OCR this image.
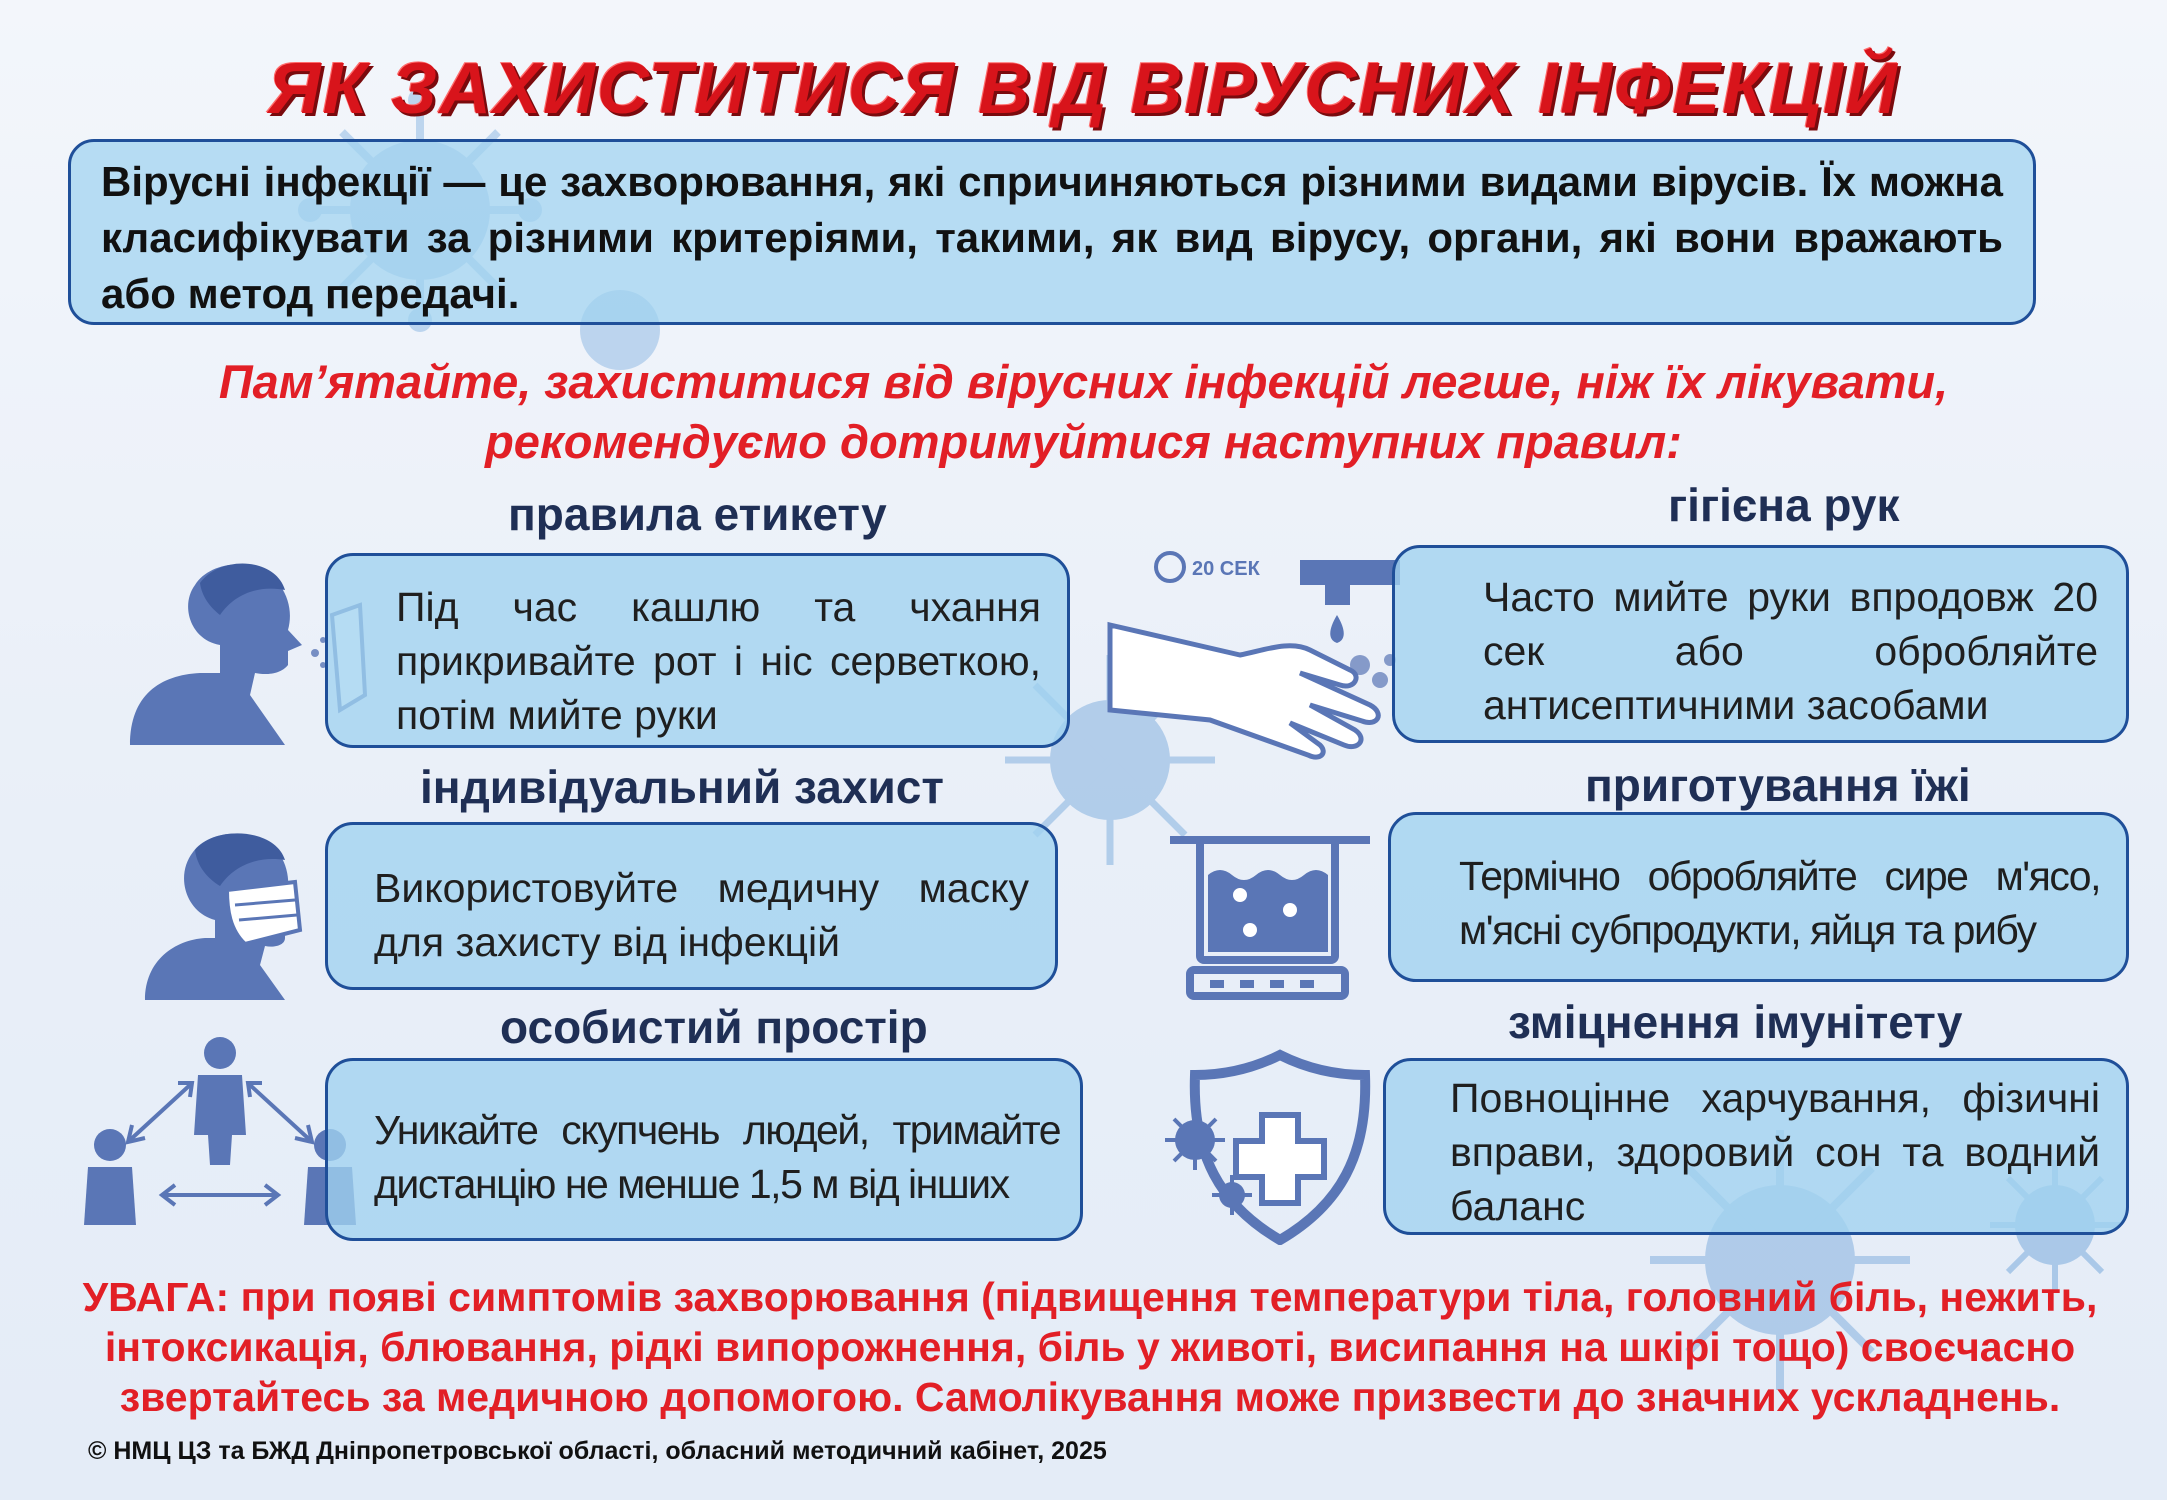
ЯК ЗАХИСТИТИСЯ ВІД ВІРУСНИХ ІНФЕКЦІЙ
Вірусні інфекції — це захворювання, які спричиняються різними видами вірусів. Їх можна класифікувати за різними критеріями, такими, як вид вірусу, органи, які вони вражають або метод передачі.
Пам’ятайте, захиститися від вірусних інфекцій легше, ніж їх лікувати,
рекомендуємо дотримуйтися наступних правил:
правила етикету
Під час кашлю та чхання прикривайте рот і ніс серветкою, потім мийте руки
індивідуальний захист
Використовуйте медичну маску для захисту від інфекцій
особистий простір
Уникайте скупчень людей, тримайте дистанцію не менше 1,5 м від інших
гігієна рук
20 СЕК
Часто мийте руки впродовж 20 сек або обробляйте антисептичними засобами
приготування їжі
Термічно обробляйте сире м'ясо, м'ясні субпродукти, яйця та рибу
зміцнення імунітету
Повноцінне харчування, фізичні вправи, здоровий сон та водний баланс
УВАГА: при появі симптомів захворювання (підвищення температури тіла, головний біль, нежить, інтоксикація, блювання, рідкі випорожнення, біль у животі, висипання на шкірі тощо) своєчасно звертайтесь за медичною допомогою. Самолікування може призвести до значних ускладнень.
© НМЦ ЦЗ та БЖД Дніпропетровської області, обласний методичний кабінет, 2025
